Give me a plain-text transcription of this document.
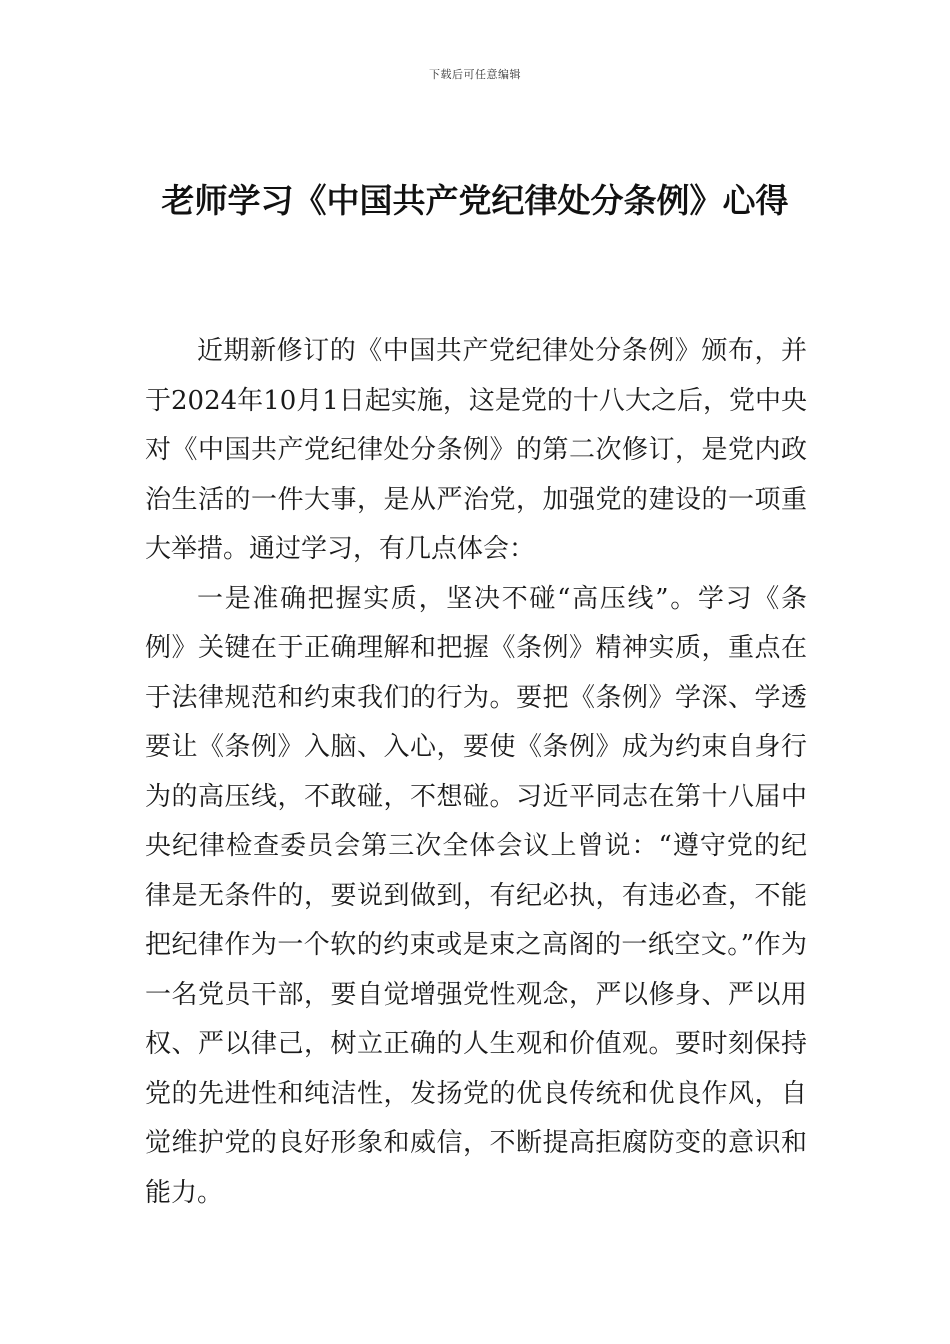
下载后可任意编辑
老师学习《中国共产党纪律处分条例》心得

近期新修订的《中国共产党纪律处分条例》颁布，并于2024年10月1日起实施，这是党的十八大之后，党中央对《中国共产党纪律处分条例》的第二次修订，是党内政治生活的一件大事，是从严治党，加强党的建设的一项重大举措。通过学习，有几点体会：

一是准确把握实质，坚决不碰“高压线”。学习《条例》关键在于正确理解和把握《条例》精神实质，重点在于法律规范和约束我们的行为。要把《条例》学深、学透要让《条例》入脑、入心，要使《条例》成为约束自身行为的高压线，不敢碰，不想碰。习近平同志在第十八届中央纪律检查委员会第三次全体会议上曾说：“遵守党的纪律是无条件的，要说到做到，有纪必执，有违必查，不能把纪律作为一个软的约束或是束之高阁的一纸空文。”作为一名党员干部，要自觉增强党性观念，严以修身、严以用权、严以律己，树立正确的人生观和价值观。要时刻保持党的先进性和纯洁性，发扬党的优良传统和优良作风，自觉维护党的良好形象和威信，不断提高拒腐防变的意识和能力。
